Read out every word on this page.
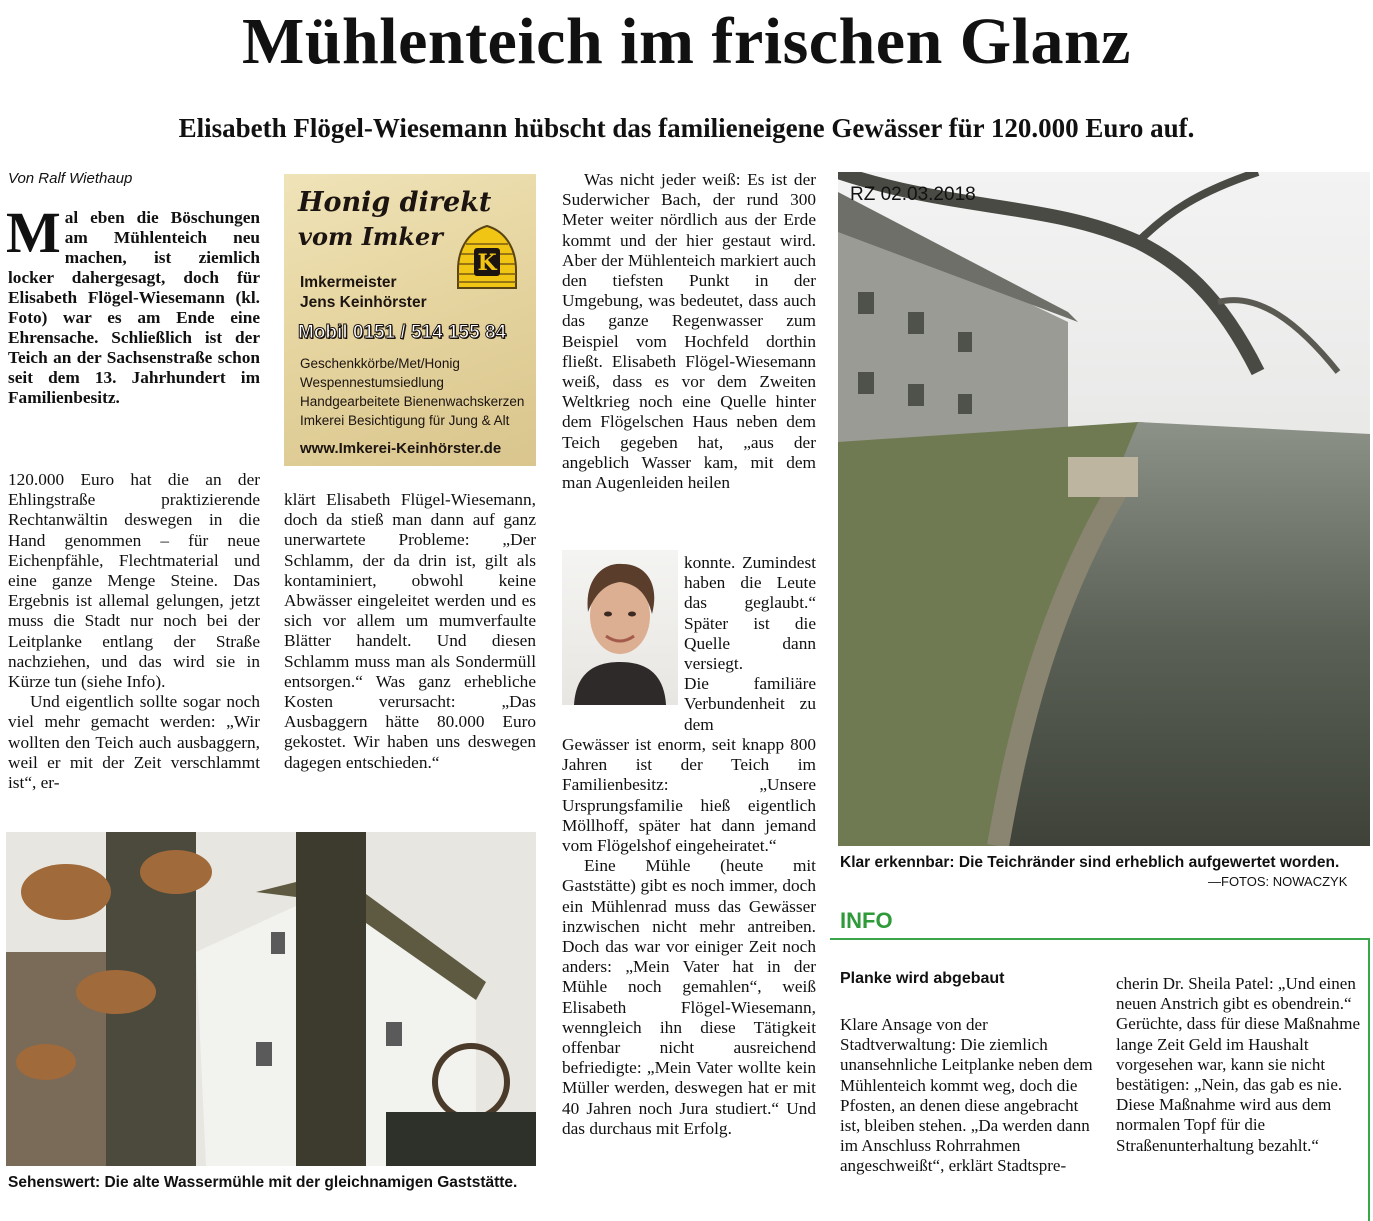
Mühlenteich im frischen Glanz
Elisabeth Flögel-Wiesemann hübscht das familieneigene Gewässer für 120.000 Euro auf.
Von Ralf Wiethaup
Mal eben die Böschungen am Mühlenteich neu machen, ist ziemlich locker dahergesagt, doch für Elisabeth Flögel-Wiesemann (kl. Foto) war es am Ende eine Ehrensache. Schließlich ist der Teich an der Sachsenstraße schon seit dem 13. Jahrhundert im Familienbesitz.

120.000 Euro hat die an der Ehlingstraße praktizierende Rechtanwältin deswegen in die Hand genommen – für neue Eichenpfähle, Flechtmaterial und eine ganze Menge Steine. Das Ergebnis ist allemal gelungen, jetzt muss die Stadt nur noch bei der Leitplanke entlang der Straße nachziehen, und das wird sie in Kürze tun (siehe Info).

Und eigentlich sollte sogar noch viel mehr gemacht werden: „Wir wollten den Teich auch ausbaggern, weil er mit der Zeit verschlammt ist“, er-

Honig direkt
vom Imker
K
Imkermeister
Jens Keinhörster
Mobil 0151 / 514 155 84
Geschenkkörbe/Met/Honig
Wespennestumsiedlung
Handgearbeitete Bienenwachskerzen
Imkerei Besichtigung für Jung & Alt
www.Imkerei-Keinhörster.de

klärt Elisabeth Flügel-Wiesemann, doch da stieß man dann auf ganz unerwartete Probleme: „Der Schlamm, der da drin ist, gilt als kontaminiert, obwohl keine Abwässer eingeleitet werden und es sich vor allem um mumverfaulte Blätter handelt. Und diesen Schlamm muss man als Sondermüll entsorgen.“ Was ganz erhebliche Kosten verursacht: „Das Ausbaggern hätte 80.000 Euro gekostet. Wir haben uns deswegen dagegen entschieden.“

Was nicht jeder weiß: Es ist der Suderwicher Bach, der rund 300 Meter weiter nördlich aus der Erde kommt und der hier gestaut wird. Aber der Mühlenteich markiert auch den tiefsten Punkt in der Umgebung, was bedeutet, dass auch das ganze Regenwasser zum Beispiel vom Hochfeld dorthin fließt. Elisabeth Flögel-Wiesemann weiß, dass es vor dem Zweiten Weltkrieg noch eine Quelle hinter dem Flögelschen Haus neben dem Teich gegeben hat, „aus der angeblich Wasser kam, mit dem man Augenleiden heilen

konnte. Zumindest haben die Leute das geglaubt.“ Später ist die Quelle dann versiegt.

Die familiäre Verbundenheit zu dem

Gewässer ist enorm, seit knapp 800 Jahren ist der Teich im Familienbesitz: „Unsere Ursprungsfamilie hieß eigentlich Möllhoff, später hat dann jemand vom Flögelshof eingeheiratet.“

Eine Mühle (heute mit Gaststätte) gibt es noch immer, doch ein Mühlenrad muss das Gewässer inzwischen nicht mehr antreiben. Doch das war vor einiger Zeit noch anders: „Mein Vater hat in der Mühle noch gemahlen“, weiß Elisabeth Flögel-Wiesemann, wenngleich ihn diese Tätigkeit offenbar nicht ausreichend befriedigte: „Mein Vater wollte kein Müller werden, deswegen hat er mit 40 Jahren noch Jura studiert.“ Und das durchaus mit Erfolg.

RZ 02.03.2018
Klar erkennbar: Die Teichränder sind erheblich aufgewertet worden.
—FOTOS: NOWACZYK
Sehenswert: Die alte Wassermühle mit der gleichnamigen Gaststätte.
INFO
Planke wird abgebaut

Klare Ansage von der Stadtverwaltung: Die ziemlich unansehnliche Leitplanke neben dem Mühlenteich kommt weg, doch die Pfosten, an denen diese angebracht ist, bleiben stehen. „Da werden dann im Anschluss Rohrrahmen angeschweißt“, erklärt Stadtspre-

cherin Dr. Sheila Patel: „Und einen neuen Anstrich gibt es obendrein.“ Gerüchte, dass für diese Maßnahme lange Zeit Geld im Haushalt vorgesehen war, kann sie nicht bestätigen: „Nein, das gab es nie. Diese Maßnahme wird aus dem normalen Topf für die Straßenunterhaltung bezahlt.“
